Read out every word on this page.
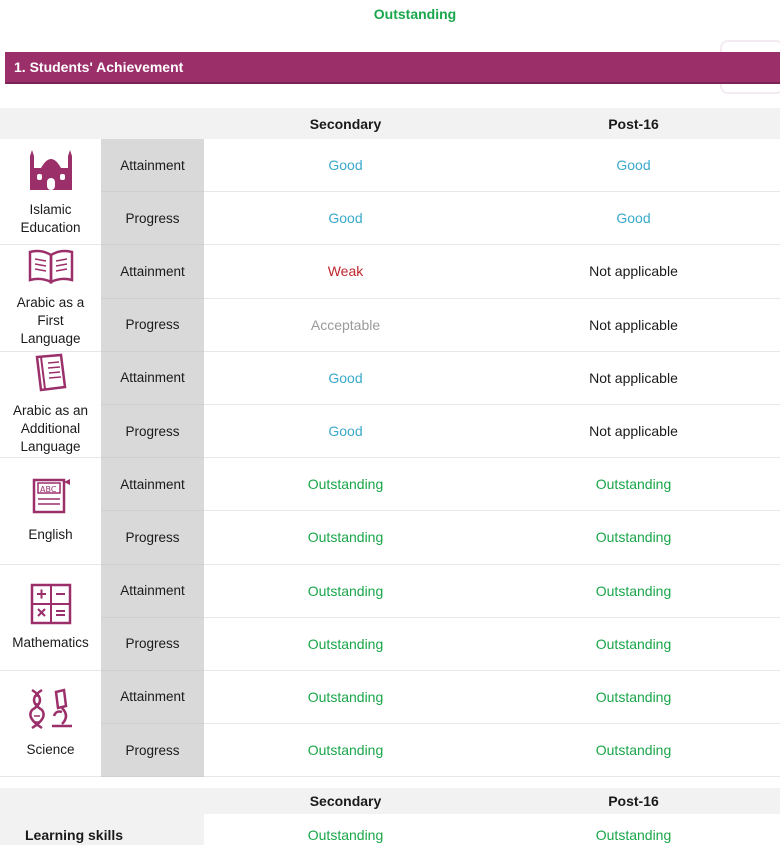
Outstanding
1. Students' Achievement
Secondary	Post-16
Islamic
Education
Attainment	Good	Good
Progress	Good	Good
Arabic as a
First
Language
Attainment	Weak	Not applicable
Progress	Acceptable	Not applicable
Arabic as an
Additional
Language
Attainment	Good	Not applicable
Progress	Good	Not applicable
ABC
English
Attainment	Outstanding	Outstanding
Progress	Outstanding	Outstanding
Mathematics
Attainment	Outstanding	Outstanding
Progress	Outstanding	Outstanding
Science
Attainment	Outstanding	Outstanding
Progress	Outstanding	Outstanding
Secondary	Post-16
Learning skills	Outstanding	Outstanding
